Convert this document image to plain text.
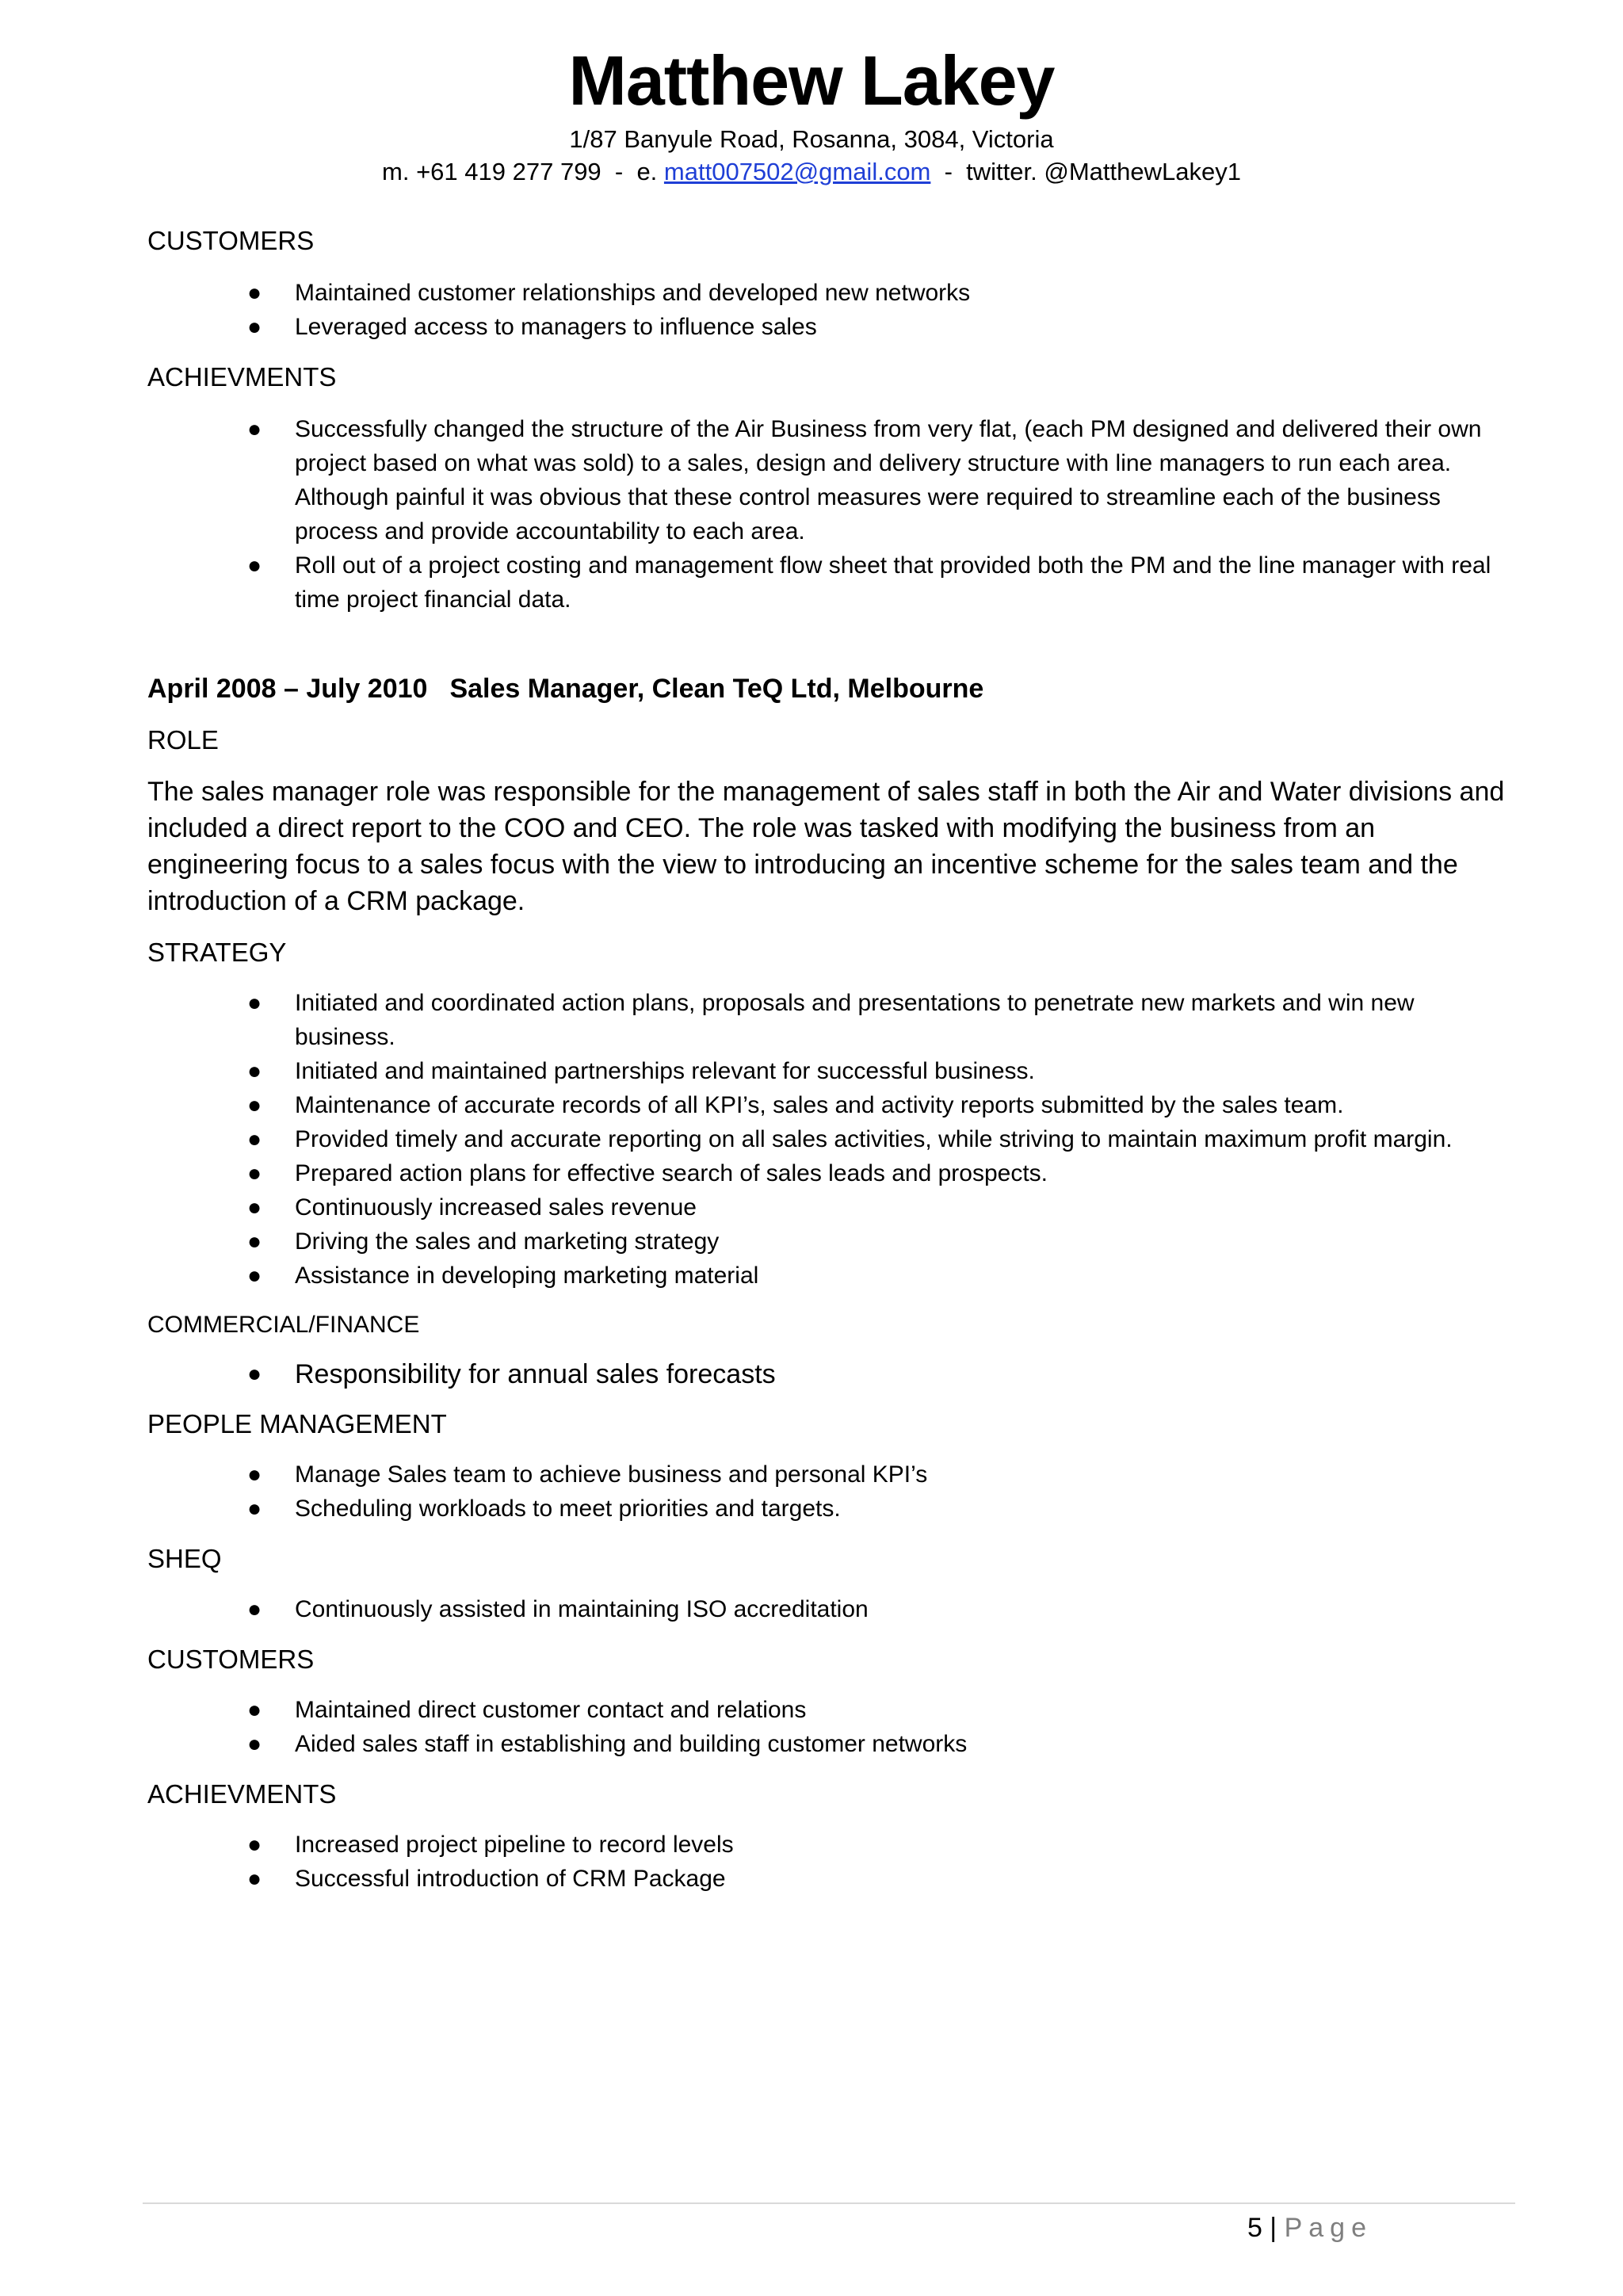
Matthew Lakey
1/87 Banyule Road, Rosanna, 3084, Victoria
m. +61 419 277 799  -  e. matt007502@gmail.com  -  twitter. @MatthewLakey1

CUSTOMERS

● Maintained customer relationships and developed new networks
● Leveraged access to managers to influence sales

ACHIEVMENTS

● Successfully changed the structure of the Air Business from very flat, (each PM designed and delivered their own project based on what was sold) to a sales, design and delivery structure with line managers to run each area. Although painful it was obvious that these control measures were required to streamline each of the business process and provide accountability to each area.
● Roll out of a project costing and management flow sheet that provided both the PM and the line manager with real time project financial data.
April 2008 – July 2010 Sales Manager, Clean TeQ Ltd, Melbourne

ROLE

The sales manager role was responsible for the management of sales staff in both the Air and Water divisions and included a direct report to the COO and CEO. The role was tasked with modifying the business from an engineering focus to a sales focus with the view to introducing an incentive scheme for the sales team and the introduction of a CRM package.

STRATEGY

● Initiated and coordinated action plans, proposals and presentations to penetrate new markets and win new business.
● Initiated and maintained partnerships relevant for successful business.
● Maintenance of accurate records of all KPI’s, sales and activity reports submitted by the sales team.
● Provided timely and accurate reporting on all sales activities, while striving to maintain maximum profit margin.
● Prepared action plans for effective search of sales leads and prospects.
● Continuously increased sales revenue
● Driving the sales and marketing strategy
● Assistance in developing marketing material

COMMERCIAL/FINANCE

● Responsibility for annual sales forecasts

PEOPLE MANAGEMENT

● Manage Sales team to achieve business and personal KPI’s
● Scheduling workloads to meet priorities and targets.

SHEQ

● Continuously assisted in maintaining ISO accreditation

CUSTOMERS

● Maintained direct customer contact and relations
● Aided sales staff in establishing and building customer networks

ACHIEVMENTS

● Increased project pipeline to record levels
● Successful introduction of CRM Package
5 | Page
